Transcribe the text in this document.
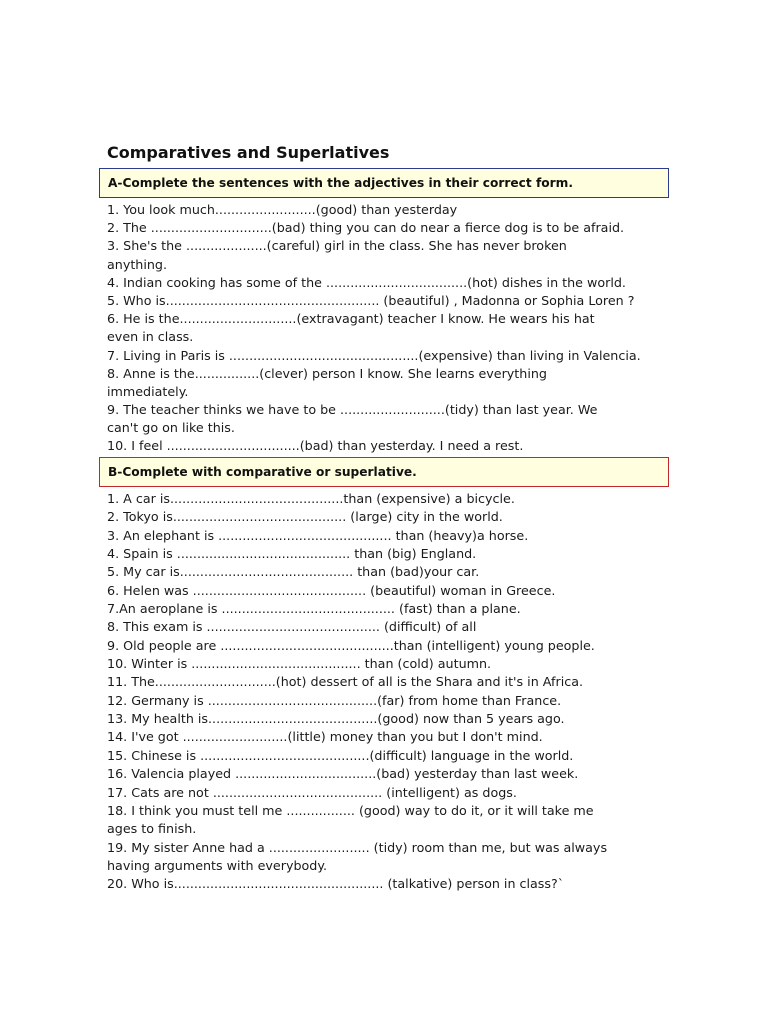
Comparatives and Superlatives
A-Complete the sentences with the adjectives in their correct form.
1. You look much.........................(good) than yesterday
2. The ..............................(bad) thing you can do near a fierce dog is to be afraid.
3. She's the ....................(careful) girl in the class. She has never broken
anything.
4. Indian cooking has some of the ...................................(hot) dishes in the world.
5. Who is..................................................... (beautiful) , Madonna or Sophia Loren ?
6. He is the.............................(extravagant) teacher I know. He wears his hat
even in class.
7. Living in Paris is ...............................................(expensive) than living in Valencia.
8. Anne is the................(clever) person I know. She learns everything
immediately.
9. The teacher thinks we have to be ..........................(tidy) than last year. We
can't go on like this.
10. I feel .................................(bad) than yesterday. I need a rest.
B-Complete with comparative or superlative.
1. A car is...........................................than (expensive) a bicycle.
2. Tokyo is........................................... (large) city in the world.
3. An elephant is ........................................... than (heavy)a horse.
4. Spain is ........................................... than (big) England.
5. My car is........................................... than (bad)your car.
6. Helen was ........................................... (beautiful) woman in Greece.
7.An aeroplane is ........................................... (fast) than a plane.
8. This exam is ........................................... (difficult) of all
9. Old people are ...........................................than (intelligent) young people.
10. Winter is .......................................... than (cold) autumn.
11. The..............................(hot) dessert of all is the Shara and it's in Africa.
12. Germany is ..........................................(far) from home than France.
13. My health is..........................................(good) now than 5 years ago.
14. I've got ..........................(little) money than you but I don't mind.
15. Chinese is ..........................................(difficult) language in the world.
16. Valencia played ...................................(bad) yesterday than last week.
17. Cats are not .......................................... (intelligent) as dogs.
18. I think you must tell me ................. (good) way to do it, or it will take me
ages to finish.
19. My sister Anne had a ......................... (tidy) room than me, but was always
having arguments with everybody.
20. Who is.................................................... (talkative) person in class?`
